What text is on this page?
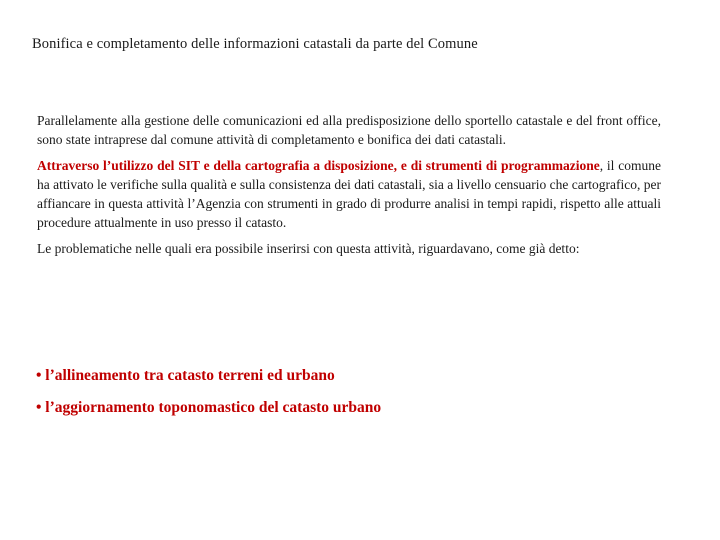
Bonifica e completamento delle informazioni catastali da parte del Comune

Parallelamente alla gestione delle comunicazioni ed alla predisposizione dello sportello catastale e del front office, sono state intraprese dal comune attività di completamento e bonifica dei dati catastali.

Attraverso l’utilizzo del SIT e della cartografia a disposizione, e di strumenti di programmazione, il comune ha attivato le verifiche sulla qualità e sulla consistenza dei dati catastali, sia a livello censuario che cartografico, per affiancare in questa attività l’Agenzia con strumenti in grado di produrre analisi in tempi rapidi, rispetto alle attuali procedure attualmente in uso presso il catasto.

Le problematiche nelle quali era possibile inserirsi con questa attività, riguardavano, come già detto:

• l’allineamento tra catasto terreni ed urbano
• l’aggiornamento toponomastico del catasto urbano
